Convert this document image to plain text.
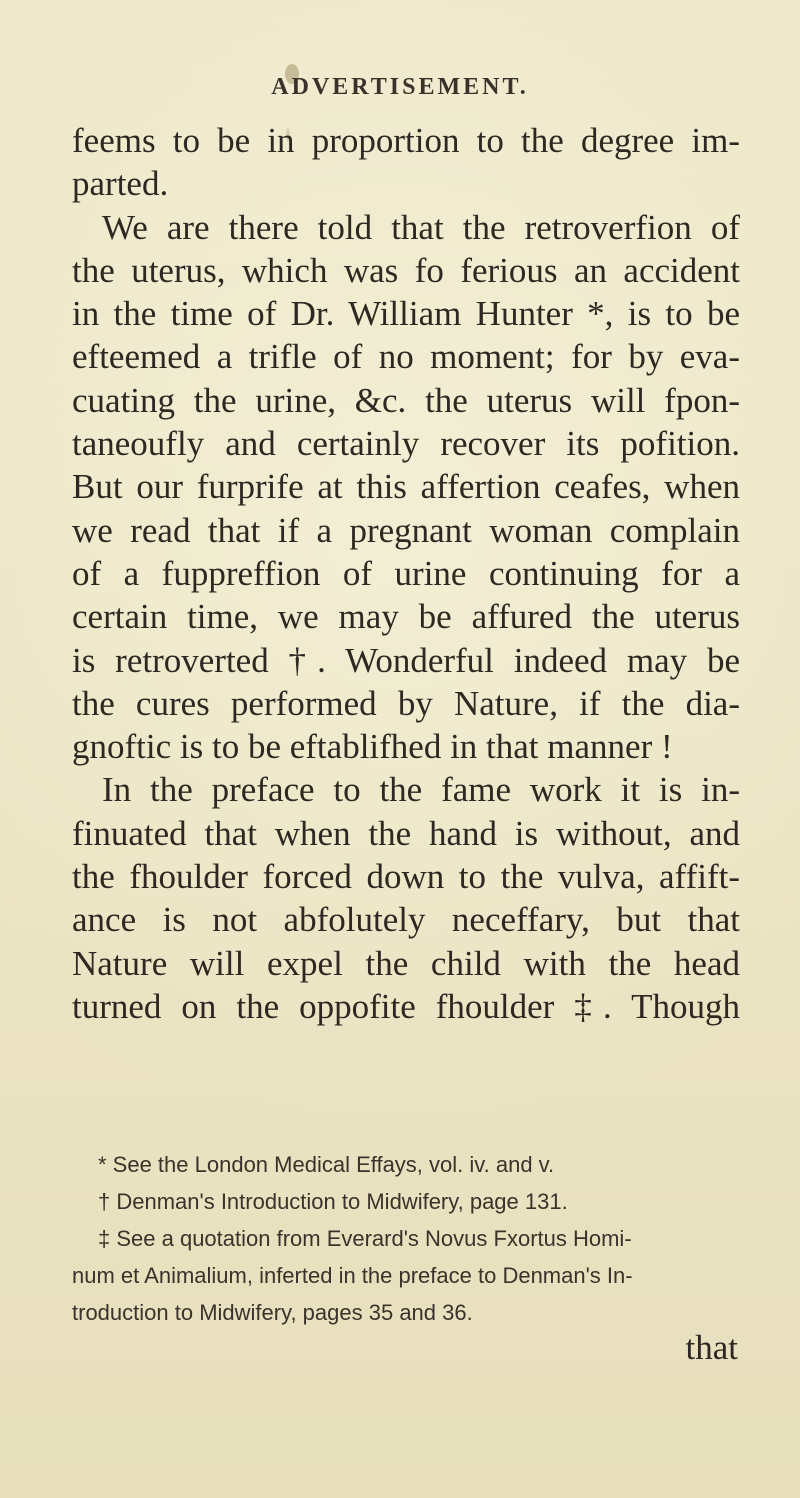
ADVERTISEMENT.
feems to be in proportion to the degree im-
parted.
We are there told that the retroverfion of
the uterus, which was fo ferious an accident
in the time of Dr. William Hunter *, is to be
efteemed a trifle of no moment; for by eva-
cuating the urine, &c. the uterus will fpon-
taneoufly and certainly recover its pofition.
But our furprife at this affertion ceafes, when
we read that if a pregnant woman complain
of a fuppreffion of urine continuing for a
certain time, we may be affured the uterus
is retroverted †. Wonderful indeed may be
the cures performed by Nature, if the dia-
gnoftic is to be eftablifhed in that manner !
In the preface to the fame work it is in-
finuated that when the hand is without, and
the fhoulder forced down to the vulva, affift-
ance is not abfolutely neceffary, but that
Nature will expel the child with the head
turned on the oppofite fhoulder ‡. Though
* See the London Medical Effays, vol. iv. and v.
† Denman's Introduction to Midwifery, page 131.
‡ See a quotation from Everard's Novus Fxortus Homi-
num et Animalium, inferted in the preface to Denman's In-
troduction to Midwifery, pages 35 and 36.
that
